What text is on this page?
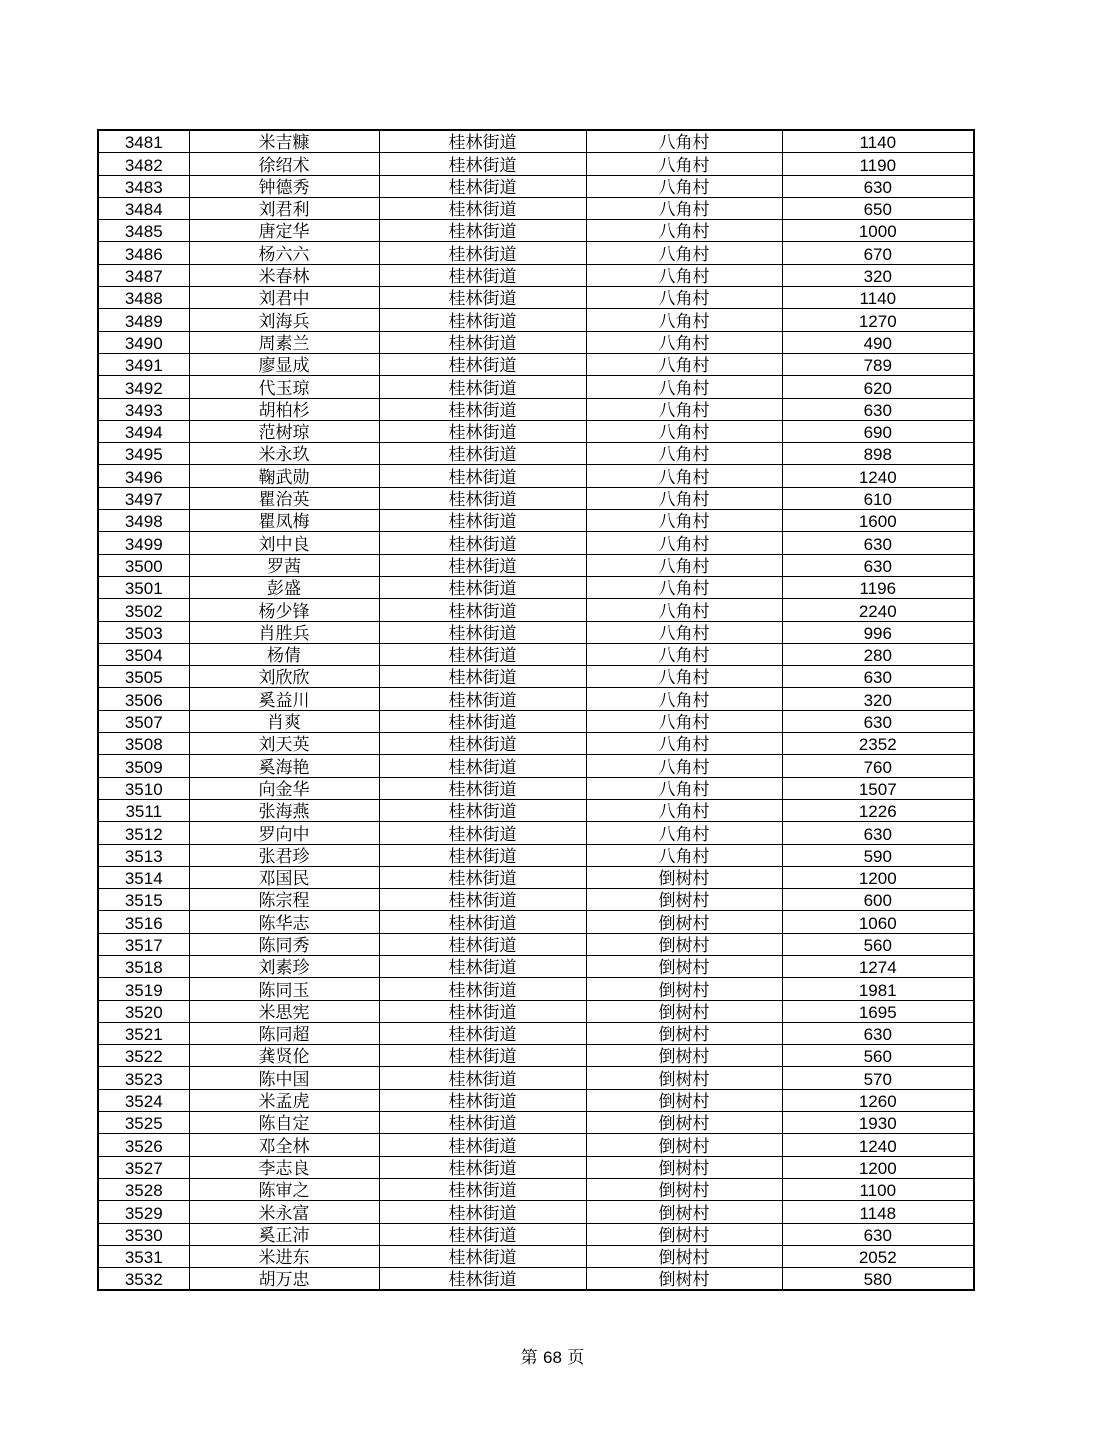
3481	米吉糠	桂林街道	八角村	1140
3482	徐绍术	桂林街道	八角村	1190
3483	钟德秀	桂林街道	八角村	630
3484	刘君利	桂林街道	八角村	650
3485	唐定华	桂林街道	八角村	1000
3486	杨六六	桂林街道	八角村	670
3487	米春林	桂林街道	八角村	320
3488	刘君中	桂林街道	八角村	1140
3489	刘海兵	桂林街道	八角村	1270
3490	周素兰	桂林街道	八角村	490
3491	廖显成	桂林街道	八角村	789
3492	代玉琼	桂林街道	八角村	620
3493	胡柏杉	桂林街道	八角村	630
3494	范树琼	桂林街道	八角村	690
3495	米永玖	桂林街道	八角村	898
3496	鞠武勋	桂林街道	八角村	1240
3497	瞿治英	桂林街道	八角村	610
3498	瞿凤梅	桂林街道	八角村	1600
3499	刘中良	桂林街道	八角村	630
3500	罗茜	桂林街道	八角村	630
3501	彭盛	桂林街道	八角村	1196
3502	杨少锋	桂林街道	八角村	2240
3503	肖胜兵	桂林街道	八角村	996
3504	杨倩	桂林街道	八角村	280
3505	刘欣欣	桂林街道	八角村	630
3506	奚益川	桂林街道	八角村	320
3507	肖爽	桂林街道	八角村	630
3508	刘天英	桂林街道	八角村	2352
3509	奚海艳	桂林街道	八角村	760
3510	向金华	桂林街道	八角村	1507
3511	张海燕	桂林街道	八角村	1226
3512	罗向中	桂林街道	八角村	630
3513	张君珍	桂林街道	八角村	590
3514	邓国民	桂林街道	倒树村	1200
3515	陈宗程	桂林街道	倒树村	600
3516	陈华志	桂林街道	倒树村	1060
3517	陈同秀	桂林街道	倒树村	560
3518	刘素珍	桂林街道	倒树村	1274
3519	陈同玉	桂林街道	倒树村	1981
3520	米思宪	桂林街道	倒树村	1695
3521	陈同超	桂林街道	倒树村	630
3522	龚贤伦	桂林街道	倒树村	560
3523	陈中国	桂林街道	倒树村	570
3524	米孟虎	桂林街道	倒树村	1260
3525	陈自定	桂林街道	倒树村	1930
3526	邓全林	桂林街道	倒树村	1240
3527	李志良	桂林街道	倒树村	1200
3528	陈审之	桂林街道	倒树村	1100
3529	米永富	桂林街道	倒树村	1148
3530	奚正沛	桂林街道	倒树村	630
3531	米进东	桂林街道	倒树村	2052
3532	胡万忠	桂林街道	倒树村	580
第 68 页
